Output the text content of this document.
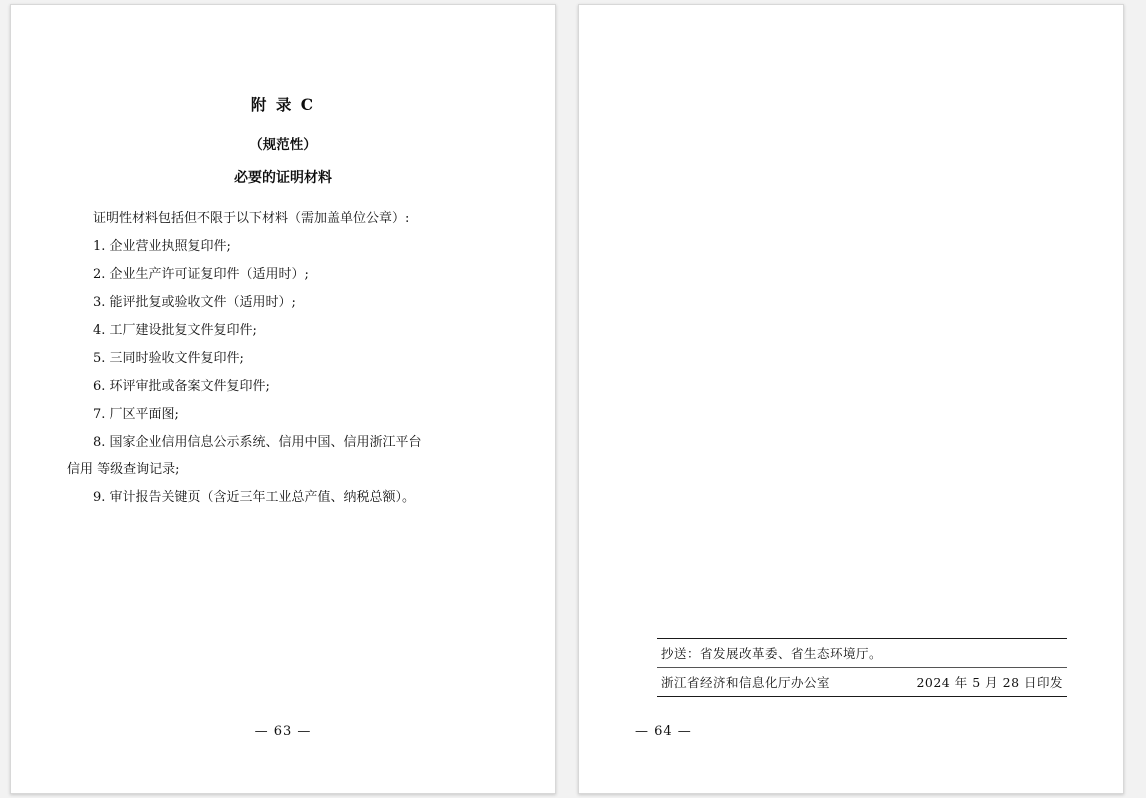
附 录 C
（规范性）
必要的证明材料

证明性材料包括但不限于以下材料（需加盖单位公章）:

1. 企业营业执照复印件;
2. 企业生产许可证复印件（适用时）;
3. 能评批复或验收文件（适用时）;
4. 工厂建设批复文件复印件;
5. 三同时验收文件复印件;
6. 环评审批或备案文件复印件;
7. 厂区平面图;
8. 国家企业信用信息公示系统、信用中国、信用浙江平台
信用 等级查询记录;
9. 审计报告关键页（含近三年工业总产值、纳税总额）。
— 63 —
抄送：省发展改革委、省生态环境厅。
浙江省经济和信息化厅办公室	2024 年 5 月 28 日印发
— 64 —
